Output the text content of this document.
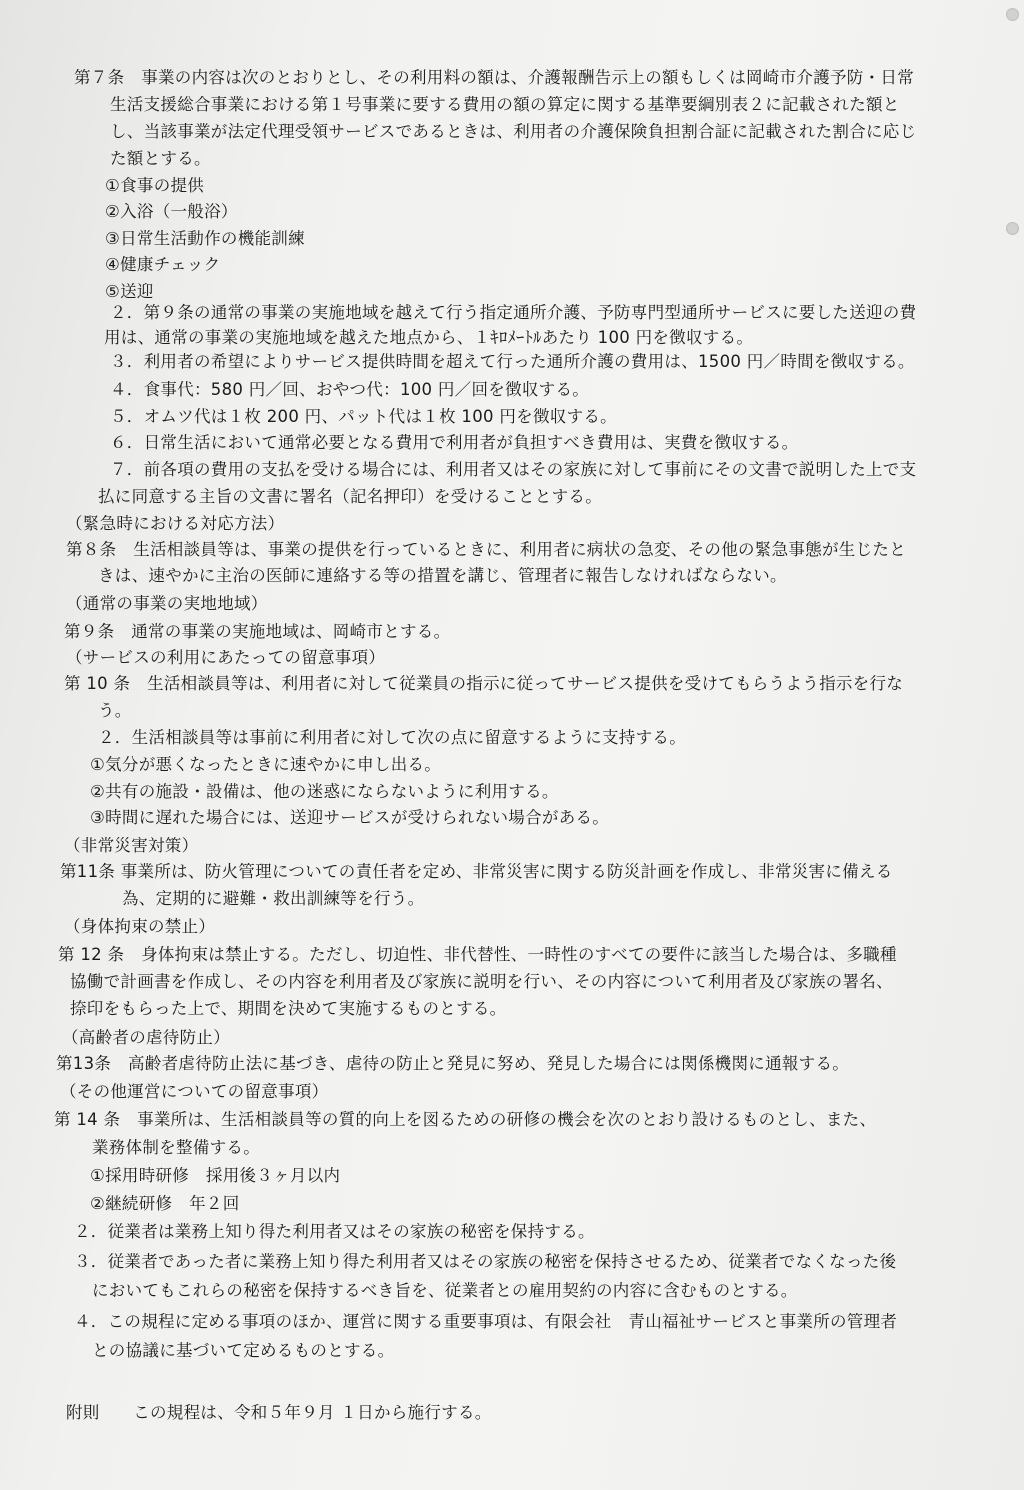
第７条　事業の内容は次のとおりとし、その利用料の額は、介護報酬告示上の額もしくは岡崎市介護予防・日常
生活支援総合事業における第１号事業に要する費用の額の算定に関する基準要綱別表２に記載された額と
し、当該事業が法定代理受領サービスであるときは、利用者の介護保険負担割合証に記載された割合に応じ
た額とする。
①食事の提供
②入浴（一般浴）
③日常生活動作の機能訓練
④健康チェック
⑤送迎
２．第９条の通常の事業の実施地域を越えて行う指定通所介護、予防専門型通所サービスに要した送迎の費
用は、通常の事業の実施地域を越えた地点から、１ｷﾛﾒｰﾄﾙあたり 100 円を徴収する。
３．利用者の希望によりサービス提供時間を超えて行った通所介護の費用は、1500 円／時間を徴収する。
４．食事代：580 円／回、おやつ代：100 円／回を徴収する。
５．オムツ代は１枚 200 円、パット代は１枚 100 円を徴収する。
６．日常生活において通常必要となる費用で利用者が負担すべき費用は、実費を徴収する。
７．前各項の費用の支払を受ける場合には、利用者又はその家族に対して事前にその文書で説明した上で支
払に同意する主旨の文書に署名（記名押印）を受けることとする。
（緊急時における対応方法）
第８条　生活相談員等は、事業の提供を行っているときに、利用者に病状の急変、その他の緊急事態が生じたと
きは、速やかに主治の医師に連絡する等の措置を講じ、管理者に報告しなければならない。
（通常の事業の実地地域）
第９条　通常の事業の実施地域は、岡崎市とする。
（サービスの利用にあたっての留意事項）
第 10 条　生活相談員等は、利用者に対して従業員の指示に従ってサービス提供を受けてもらうよう指示を行な
う。
２．生活相談員等は事前に利用者に対して次の点に留意するように支持する。
①気分が悪くなったときに速やかに申し出る。
②共有の施設・設備は、他の迷惑にならないように利用する。
③時間に遅れた場合には、送迎サービスが受けられない場合がある。
（非常災害対策）
第11条 事業所は、防火管理についての責任者を定め、非常災害に関する防災計画を作成し、非常災害に備える
為、定期的に避難・救出訓練等を行う。
（身体拘束の禁止）
第 12 条　身体拘束は禁止する。ただし、切迫性、非代替性、一時性のすべての要件に該当した場合は、多職種
協働で計画書を作成し、その内容を利用者及び家族に説明を行い、その内容について利用者及び家族の署名、
捺印をもらった上で、期間を決めて実施するものとする。
（高齢者の虐待防止）
第13条　高齢者虐待防止法に基づき、虐待の防止と発見に努め、発見した場合には関係機関に通報する。
（その他運営についての留意事項）
第 14 条　事業所は、生活相談員等の質的向上を図るための研修の機会を次のとおり設けるものとし、また、
業務体制を整備する。
①採用時研修　採用後３ヶ月以内
②継続研修　年２回
２．従業者は業務上知り得た利用者又はその家族の秘密を保持する。
３．従業者であった者に業務上知り得た利用者又はその家族の秘密を保持させるため、従業者でなくなった後
においてもこれらの秘密を保持するべき旨を、従業者との雇用契約の内容に含むものとする。
４．この規程に定める事項のほか、運営に関する重要事項は、有限会社　青山福祉サービスと事業所の管理者
との協議に基づいて定めるものとする。
附則　　この規程は、令和５年９月 １日から施行する。
